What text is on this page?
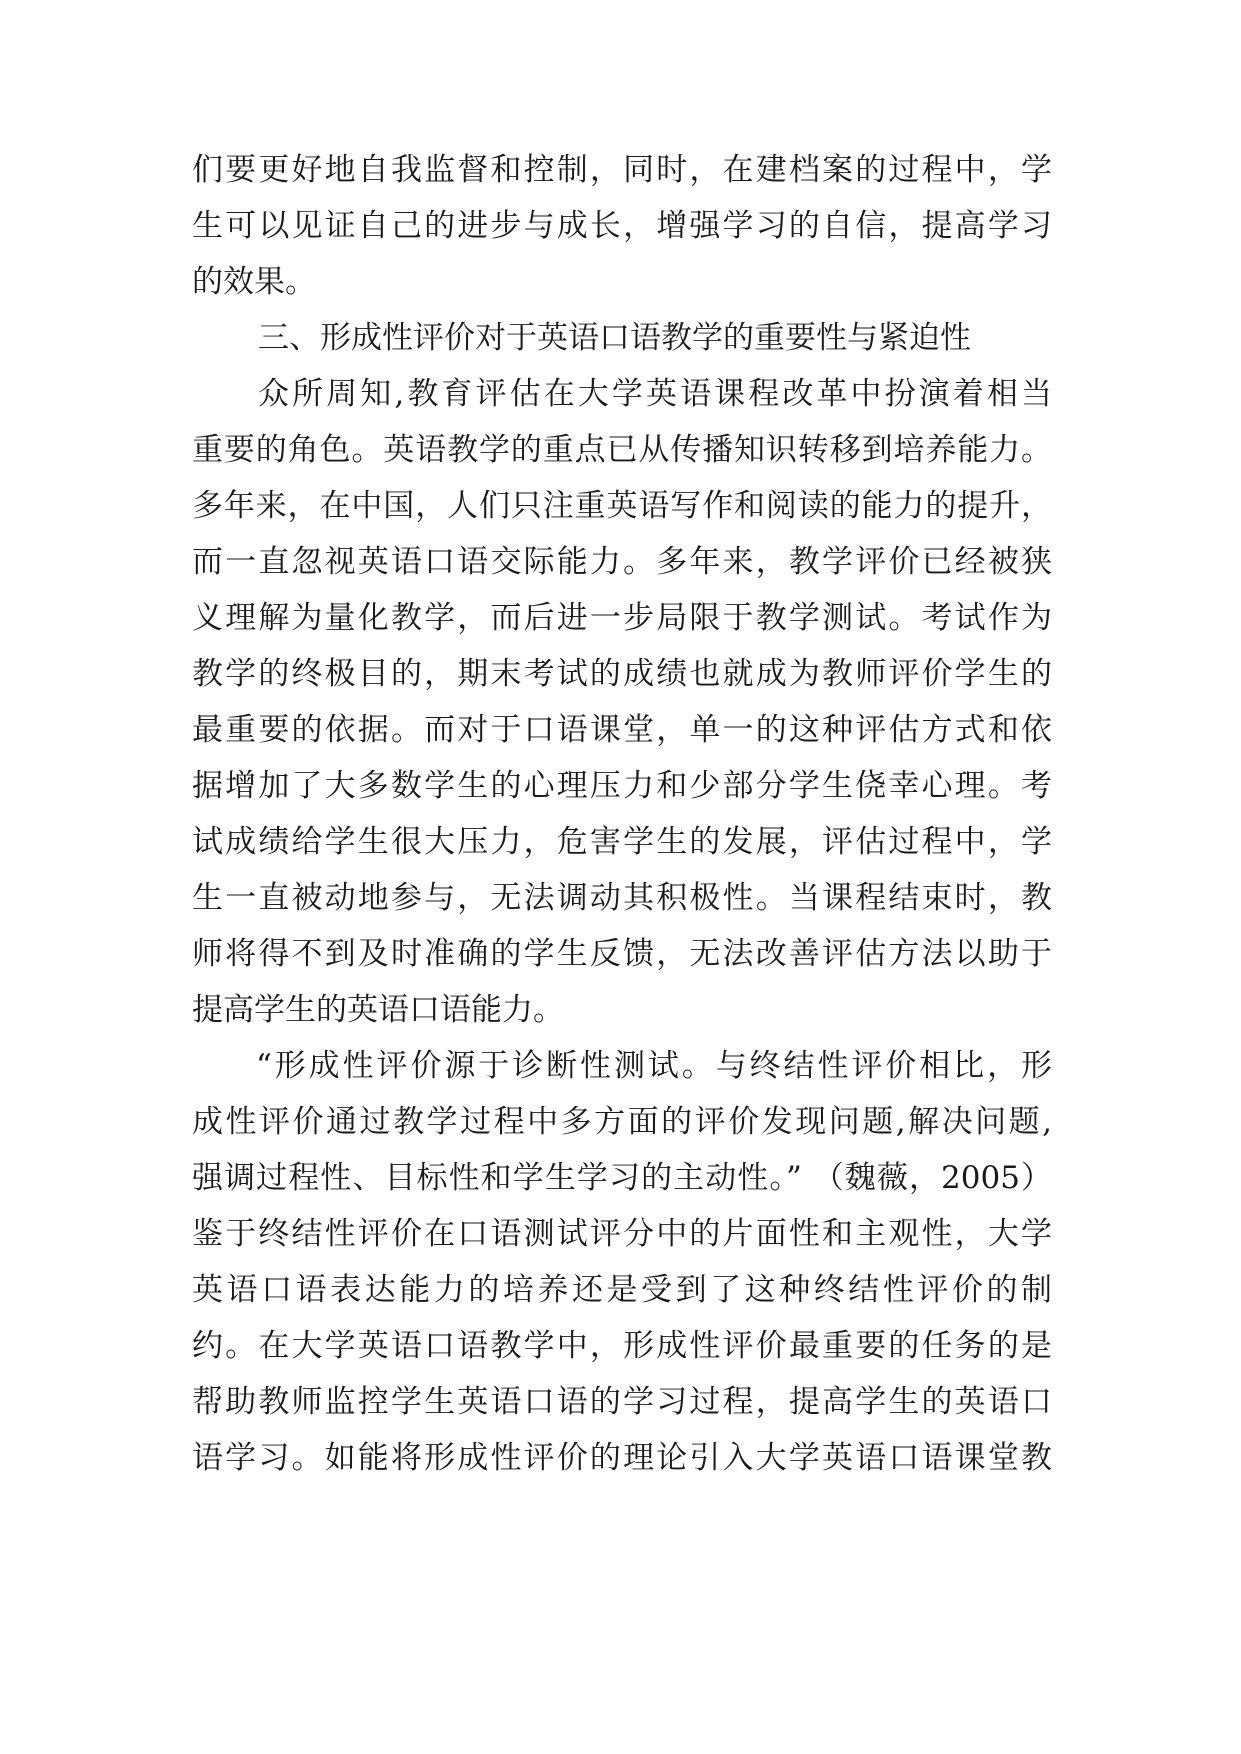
们要更好地自我监督和控制，同时，在建档案的过程中，学
生可以见证自己的进步与成长，增强学习的自信，提高学习
的效果。
三、形成性评价对于英语口语教学的重要性与紧迫性
众所周知,教育评估在大学英语课程改革中扮演着相当
重要的角色。英语教学的重点已从传播知识转移到培养能力。
多年来，在中国，人们只注重英语写作和阅读的能力的提升，
而一直忽视英语口语交际能力。多年来，教学评价已经被狭
义理解为量化教学，而后进一步局限于教学测试。考试作为
教学的终极目的，期末考试的成绩也就成为教师评价学生的
最重要的依据。而对于口语课堂，单一的这种评估方式和依
据增加了大多数学生的心理压力和少部分学生侥幸心理。考
试成绩给学生很大压力，危害学生的发展，评估过程中，学
生一直被动地参与，无法调动其积极性。当课程结束时，教
师将得不到及时准确的学生反馈，无法改善评估方法以助于
提高学生的英语口语能力。
“形成性评价源于诊断性测试。与终结性评价相比，形
成性评价通过教学过程中多方面的评价发现问题,解决问题,
强调过程性、目标性和学生学习的主动性。” （魏薇，2005）
鉴于终结性评价在口语测试评分中的片面性和主观性，大学
英语口语表达能力的培养还是受到了这种终结性评价的制
约。在大学英语口语教学中，形成性评价最重要的任务的是
帮助教师监控学生英语口语的学习过程，提高学生的英语口
语学习。如能将形成性评价的理论引入大学英语口语课堂教
